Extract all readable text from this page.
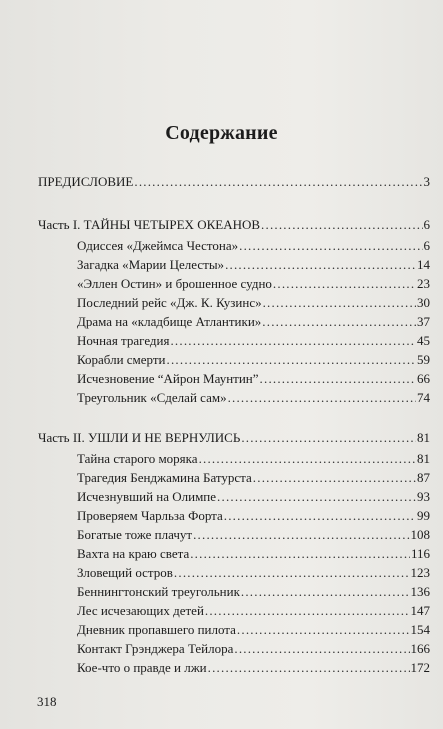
Содержание
ПРЕДИСЛОВИЕ .....	3
Часть I. ТАЙНЫ ЧЕТЫРЕХ ОКЕАНОВ .....	6
Одиссея «Джеймса Честона» .....	6
Загадка «Марии Целесты» .....	14
«Эллен Остин» и брошенное судно .....	23
Последний рейс «Дж. К. Кузинс» .....	30
Драма на «кладбище Атлантики» .....	37
Ночная трагедия .....	45
Корабли смерти .....	59
Исчезновение “Айрон Маунтин” .....	66
Треугольник «Сделай сам» .....	74
Часть II. УШЛИ И НЕ ВЕРНУЛИСЬ .....	81
Тайна старого моряка .....	81
Трагедия Бенджамина Батурста .....	87
Исчезнувший на Олимпе .....	93
Проверяем Чарльза Форта .....	99
Богатые тоже плачут .....	108
Вахта на краю света .....	116
Зловещий остров .....	123
Беннингтонский треугольник .....	136
Лес исчезающих детей .....	147
Дневник пропавшего пилота .....	154
Контакт Грэнджера Тейлора .....	166
Кое-что о правде и лжи .....	172
318
